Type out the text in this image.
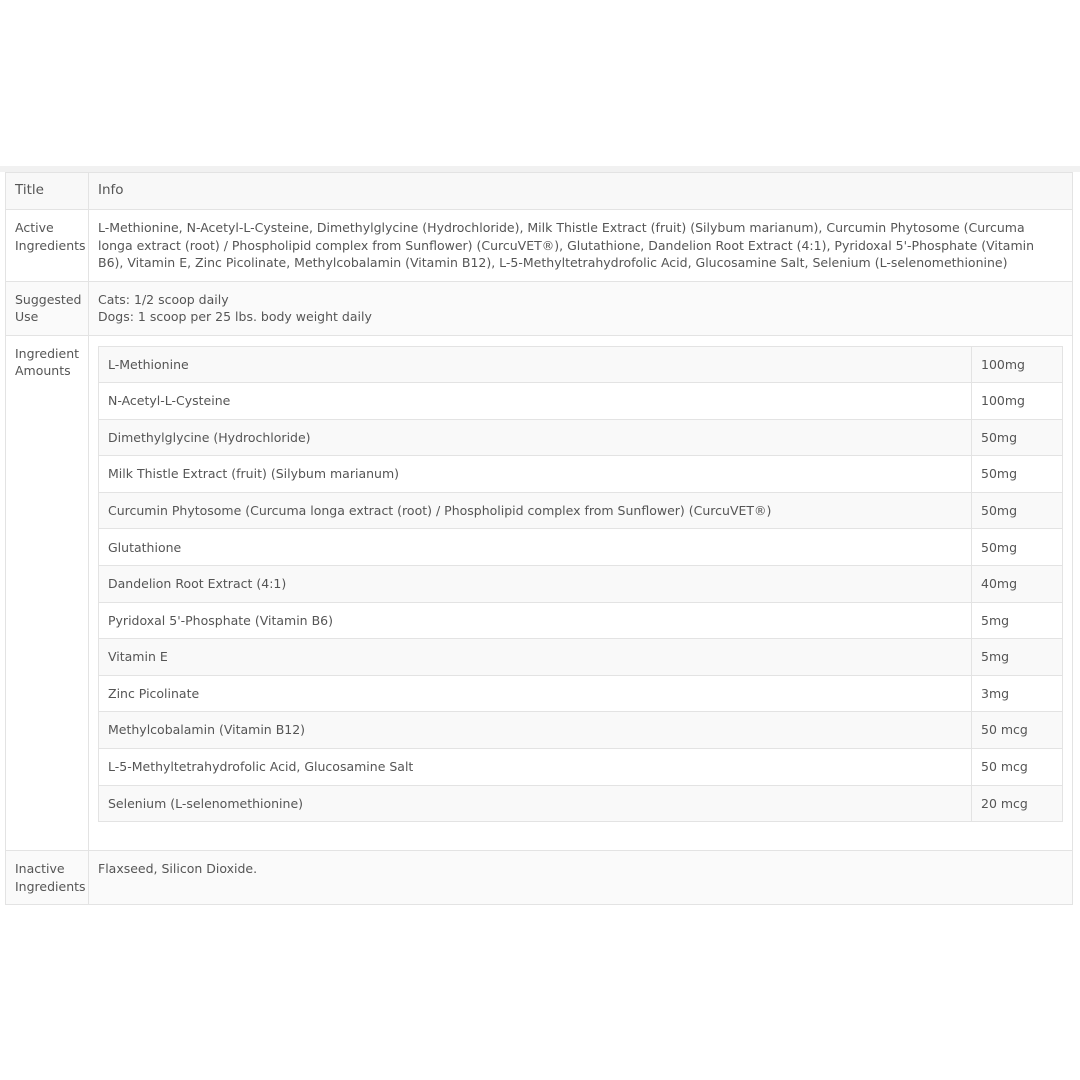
Title	Info

Active
Ingredients
	L-Methionine, N-Acetyl-L-Cysteine, Dimethylglycine (Hydrochloride), Milk Thistle Extract (fruit) (Silybum marianum), Curcumin Phytosome (Curcuma longa extract (root) / Phospholipid complex from Sunflower) (CurcuVET®), Glutathione, Dandelion Root Extract (4:1), Pyridoxal 5'-Phosphate (Vitamin B6), Vitamin E, Zinc Picolinate, Methylcobalamin (Vitamin B12), L-5-Methyltetrahydrofolic Acid, Glucosamine Salt, Selenium (L-selenomethionine)

Suggested
Use

Cats: 1/2 scoop daily
Dogs: 1 scoop per 25 lbs. body weight daily

Ingredient
Amounts
		L-Methionine	100mg
N-Acetyl-L-Cysteine	100mg
Dimethylglycine (Hydrochloride)	50mg
Milk Thistle Extract (fruit) (Silybum marianum)	50mg
Curcumin Phytosome (Curcuma longa extract (root) / Phospholipid complex from Sunflower) (CurcuVET®)	50mg
Glutathione	50mg
Dandelion Root Extract (4:1)	40mg
Pyridoxal 5'-Phosphate (Vitamin B6)	5mg
Vitamin E	5mg
Zinc Picolinate	3mg
Methylcobalamin (Vitamin B12)	50 mcg
L-5-Methyltetrahydrofolic Acid, Glucosamine Salt	50 mcg
Selenium (L-selenomethionine)	20 mcg

Inactive
Ingredients
	Flaxseed, Silicon Dioxide.
